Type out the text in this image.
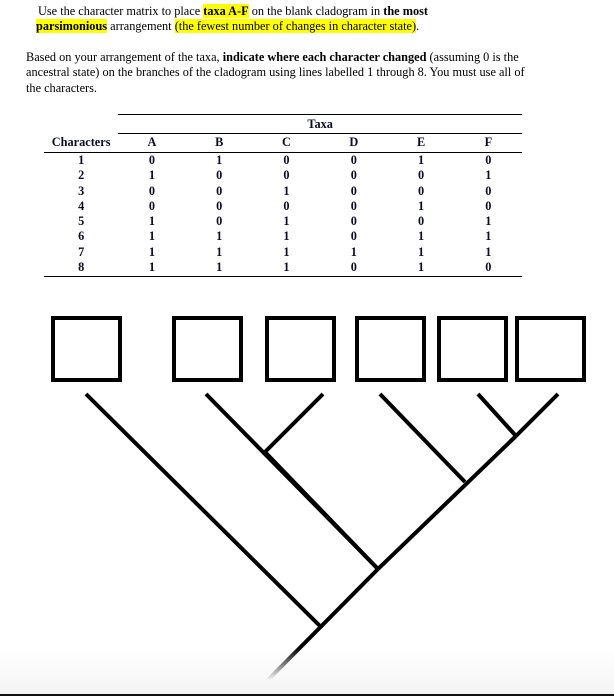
Use the character matrix to place taxa A-F on the blank cladogram in the most
parsimonious arrangement (the fewest number of changes in character state).
Based on your arrangement of the taxa, indicate where each character changed (assuming 0 is the ancestral state) on the branches of the cladogram using lines labelled 1 through 8. You must use all of the characters.
	Taxa					
Characters	A	B	C	D	E	F
1	0	1	0	0	1	0
2	1	0	0	0	0	1
3	0	0	1	0	0	0
4	0	0	0	0	1	0
5	1	0	1	0	0	1
6	1	1	1	0	1	1
7	1	1	1	1	1	1
8	1	1	1	0	1	0
